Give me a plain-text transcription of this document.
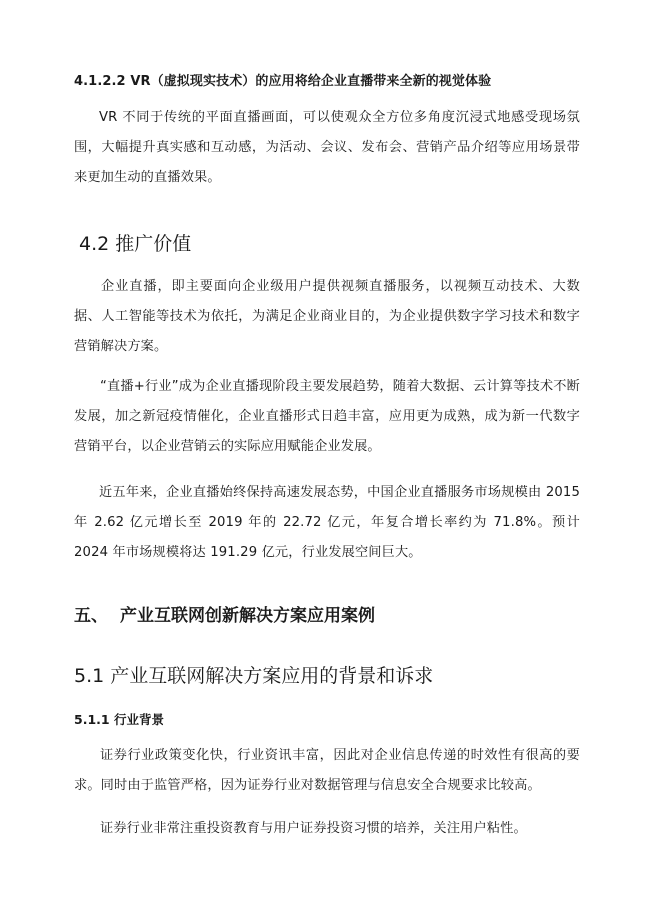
4.1.2.2 VR（虚拟现实技术）的应用将给企业直播带来全新的视觉体验
VR 不同于传统的平面直播画面，可以使观众全方位多角度沉浸式地感受现场氛围，大幅提升真实感和互动感，为活动、会议、发布会、营销产品介绍等应用场景带来更加生动的直播效果。
4.2 推广价值
企业直播，即主要面向企业级用户提供视频直播服务，以视频互动技术、大数据、人工智能等技术为依托，为满足企业商业目的，为企业提供数字学习技术和数字营销解决方案。
“直播+行业”成为企业直播现阶段主要发展趋势，随着大数据、云计算等技术不断发展，加之新冠疫情催化，企业直播形式日趋丰富，应用更为成熟，成为新一代数字营销平台，以企业营销云的实际应用赋能企业发展。
近五年来，企业直播始终保持高速发展态势，中国企业直播服务市场规模由 2015 年 2.62 亿元增长至 2019 年的 22.72 亿元，年复合增长率约为 71.8%。预计 2024 年市场规模将达 191.29 亿元，行业发展空间巨大。
五、 产业互联网创新解决方案应用案例
5.1 产业互联网解决方案应用的背景和诉求
5.1.1 行业背景
证券行业政策变化快，行业资讯丰富，因此对企业信息传递的时效性有很高的要求。同时由于监管严格，因为证券行业对数据管理与信息安全合规要求比较高。
证券行业非常注重投资教育与用户证券投资习惯的培养，关注用户粘性。
